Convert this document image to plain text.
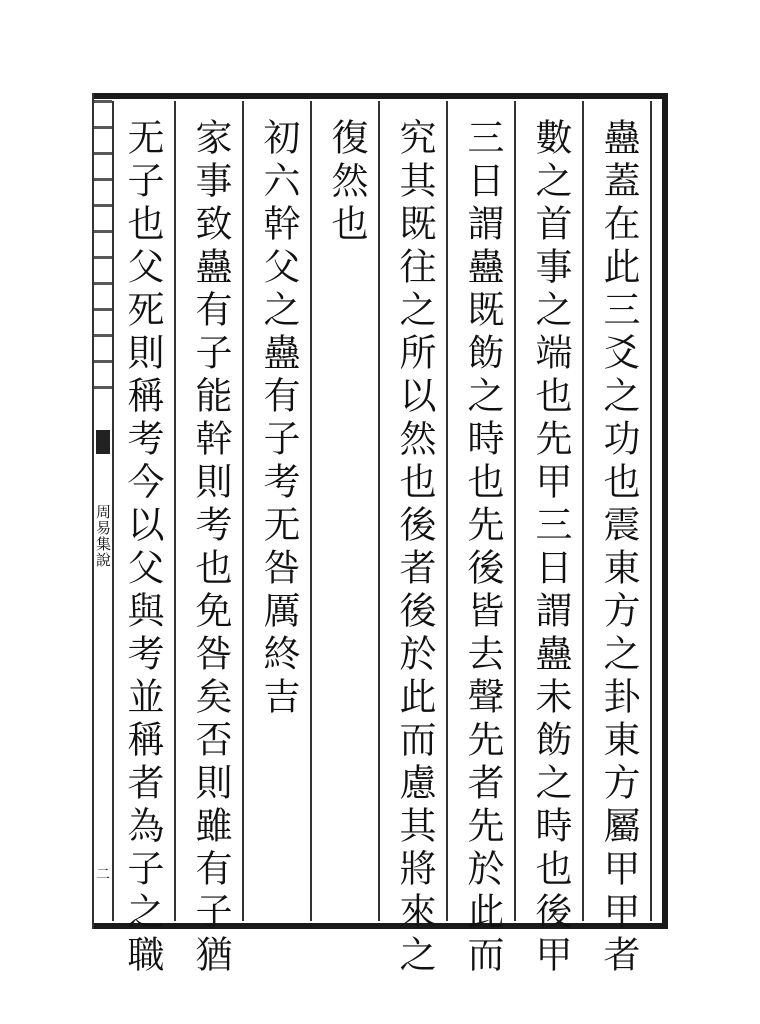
周易集說
二	蠱蓋在此三爻之功也震東方之卦東方屬甲甲者
數之首事之端也先甲三日謂蠱未飭之時也後甲
三日謂蠱既飭之時也先後皆去聲先者先於此而
究其既往之所以然也後者後於此而慮其將來之
復然也
初六幹父之蠱有子考无咎厲終吉
家事致蠱有子能幹則考也免咎矣否則雖有子猶
无子也父死則稱考今以父與考並稱者為子之職
